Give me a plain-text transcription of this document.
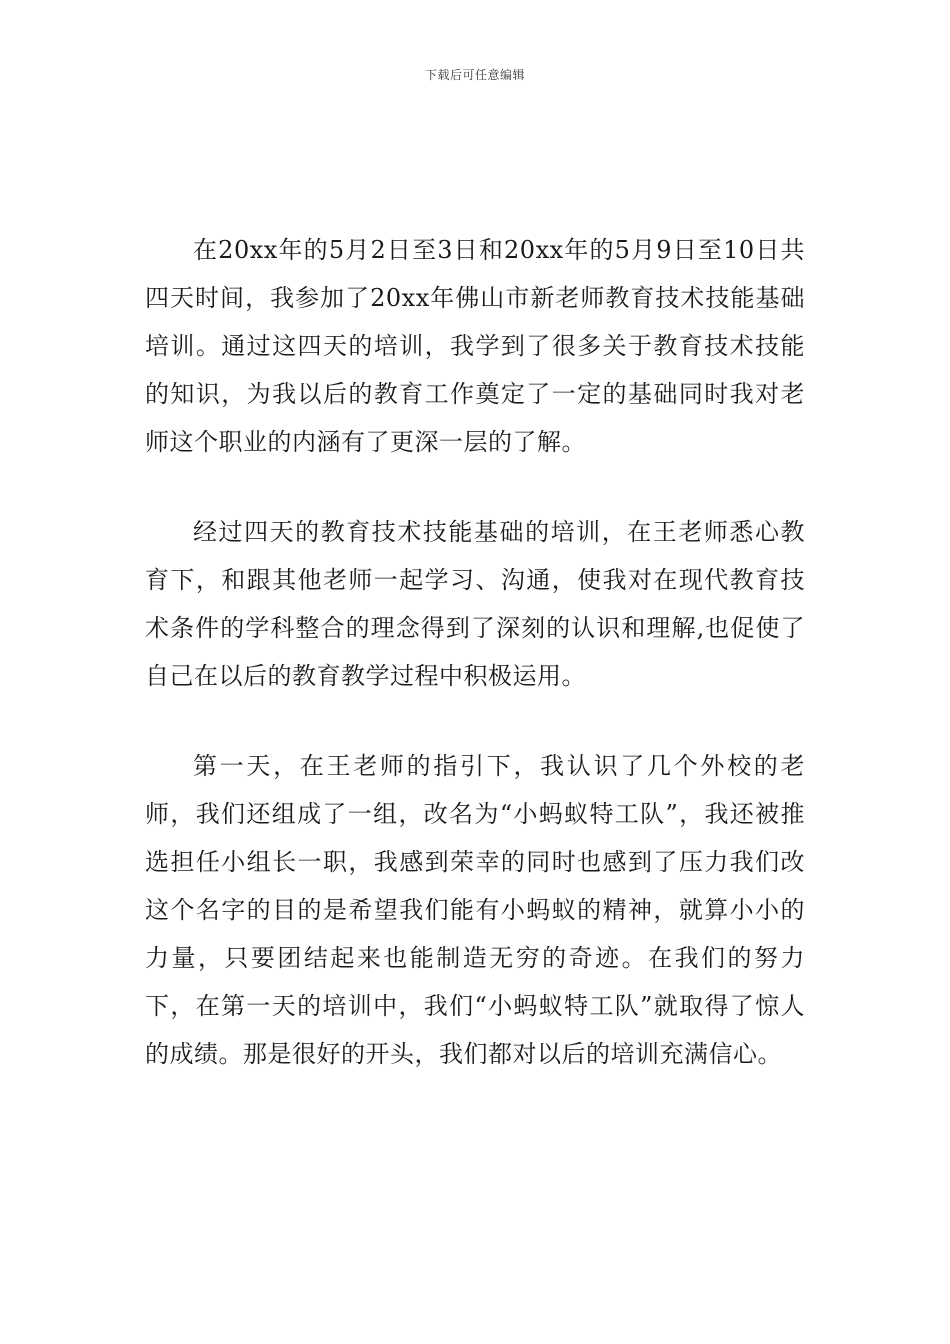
下载后可任意编辑

在20xx年的5月2日至3日和20xx年的5月9日至10日共四天时间，我参加了20xx年佛山市新老师教育技术技能基础培训。通过这四天的培训，我学到了很多关于教育技术技能的知识，为我以后的教育工作奠定了一定的基础同时我对老师这个职业的内涵有了更深一层的了解。

经过四天的教育技术技能基础的培训，在王老师悉心教育下，和跟其他老师一起学习、沟通，使我对在现代教育技术条件的学科整合的理念得到了深刻的认识和理解,也促使了自己在以后的教育教学过程中积极运用。

第一天，在王老师的指引下，我认识了几个外校的老师，我们还组成了一组，改名为“小蚂蚁特工队”，我还被推选担任小组长一职，我感到荣幸的同时也感到了压力我们改这个名字的目的是希望我们能有小蚂蚁的精神，就算小小的力量，只要团结起来也能制造无穷的奇迹。在我们的努力下，在第一天的培训中，我们“小蚂蚁特工队”就取得了惊人的成绩。那是很好的开头，我们都对以后的培训充满信心。
